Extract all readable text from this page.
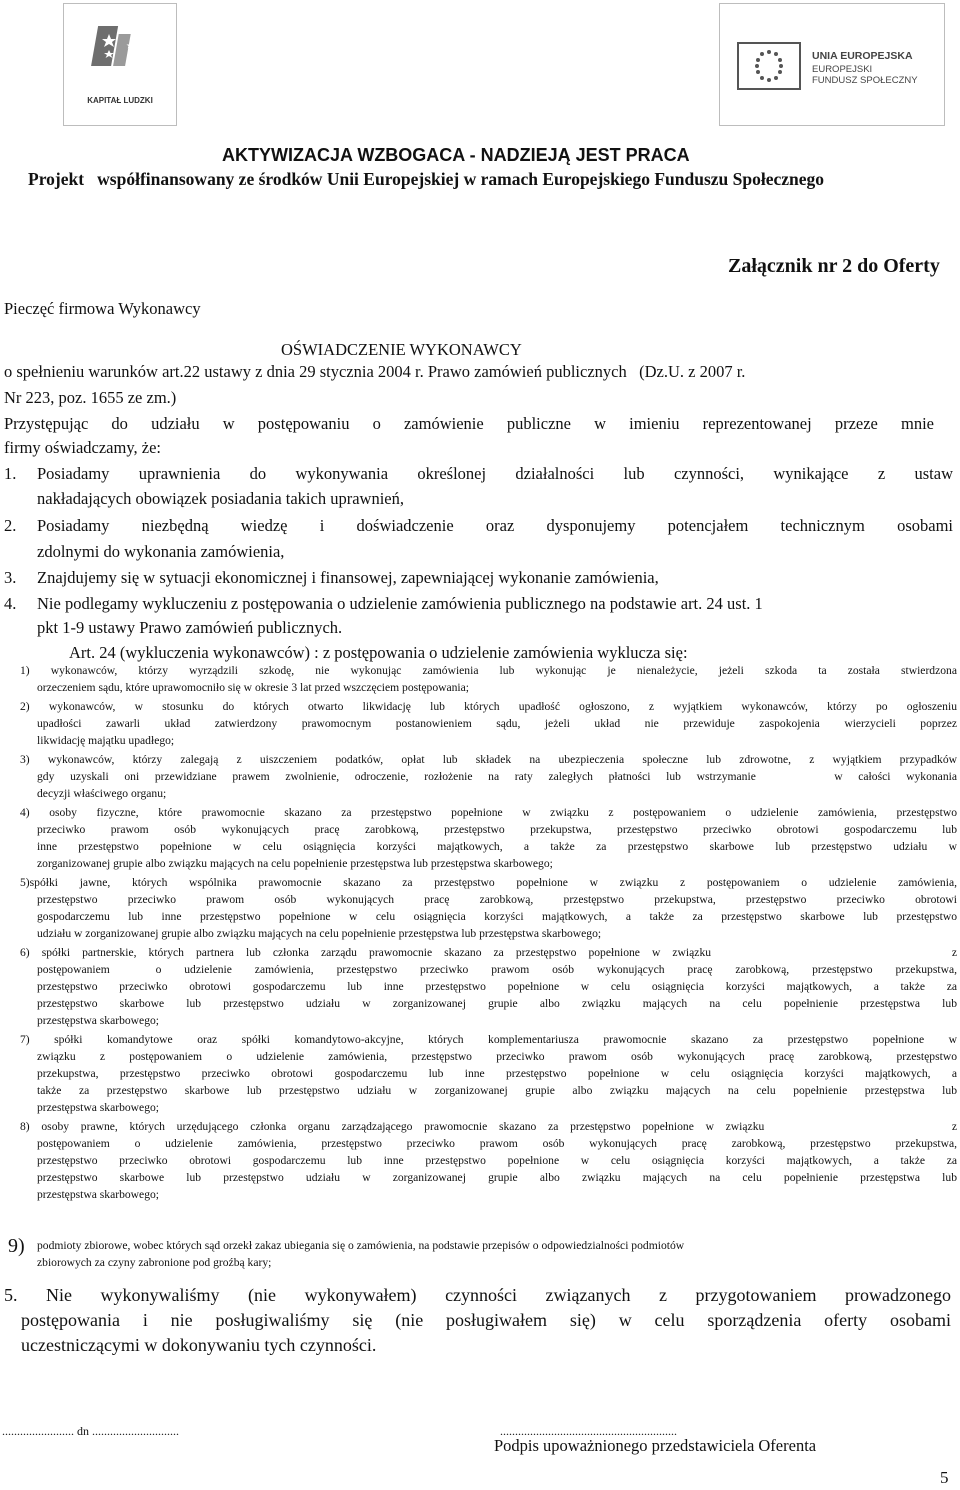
KAPITAŁ LUDZKI
UNIA EUROPEJSKA
EUROPEJSKI
FUNDUSZ SPOŁECZNY
AKTYWIZACJA WZBOGACA - NADZIEJĄ JEST PRACA
Projekt   współfinansowany ze środków Unii Europejskiej w ramach Europejskiego Funduszu Społecznego
Załącznik nr 2 do Oferty
Pieczęć firmowa Wykonawcy
OŚWIADCZENIE WYKONAWCY
o spełnieniu warunków art.22 ustawy z dnia 29 stycznia 2004 r. Prawo zamówień publicznych   (Dz.U. z 2007 r.
Nr 223, poz. 1655 ze zm.)
Przystępując do udziału w postępowaniu o zamówienie publiczne w imieniu reprezentowanej przeze mnie
firmy oświadczamy, że:
1. Posiadamy uprawnienia do wykonywania określonej działalności lub czynności, wynikające z ustaw
nakładających obowiązek posiadania takich uprawnień,
2. Posiadamy niezbędną wiedzę i doświadczenie oraz dysponujemy potencjałem technicznym osobami
zdolnymi do wykonania zamówienia,
3. Znajdujemy się w sytuacji ekonomicznej i finansowej, zapewniającej wykonanie zamówienia,
4. Nie podlegamy wykluczeniu z postępowania o udzielenie zamówienia publicznego na podstawie art. 24 ust. 1
pkt 1-9 ustawy Prawo zamówień publicznych.
Art. 24 (wykluczenia wykonawców) : z postępowania o udzielenie zamówienia wyklucza się:
1) wykonawców, którzy wyrządzili szkodę, nie wykonując zamówienia lub wykonując je nienależycie, jeżeli szkoda ta została stwierdzona
orzeczeniem sądu, które uprawomocniło się w okresie 3 lat przed wszczęciem postępowania;
2) wykonawców, w stosunku do których otwarto likwidację lub których upadłość ogłoszono, z wyjątkiem wykonawców, którzy po ogłoszeniu
upadłości zawarli układ zatwierdzony prawomocnym postanowieniem sądu, jeżeli układ nie przewiduje zaspokojenia wierzycieli poprzez
likwidację majątku upadłego;
3) wykonawców, którzy zalegają z uiszczeniem podatków, opłat lub składek na ubezpieczenia społeczne lub zdrowotne, z wyjątkiem przypadków
gdy uzyskali oni przewidziane prawem zwolnienie, odroczenie, rozłożenie na raty zaległych płatności lub wstrzymanie     w całości wykonania
decyzji właściwego organu;
4) osoby fizyczne, które prawomocnie skazano za przestępstwo popełnione w związku z postępowaniem o udzielenie zamówienia, przestępstwo
przeciwko prawom osób wykonujących pracę zarobkową, przestępstwo przekupstwa, przestępstwo przeciwko obrotowi gospodarczemu lub
inne przestępstwo popełnione w celu osiągnięcia korzyści majątkowych, a także za przestępstwo skarbowe lub przestępstwo udziału w
zorganizowanej grupie albo związku mających na celu popełnienie przestępstwa lub przestępstwa skarbowego;
5)spółki jawne, których wspólnika prawomocnie skazano za przestępstwo popełnione w związku z postępowaniem o udzielenie zamówienia,
przestępstwo przeciwko prawom osób wykonujących pracę zarobkową, przestępstwo przekupstwa, przestępstwo przeciwko obrotowi
gospodarczemu lub inne przestępstwo popełnione w celu osiągnięcia korzyści majątkowych, a także za przestępstwo skarbowe lub przestępstwo
udziału w zorganizowanej grupie albo związku mających na celu popełnienie przestępstwa lub przestępstwa skarbowego;
6) spółki partnerskie, których partnera lub członka zarządu prawomocnie skazano za przestępstwo popełnione w związku                    z
postępowaniem  o udzielenie zamówienia, przestępstwo przeciwko prawom osób wykonujących pracę zarobkową, przestępstwo przekupstwa,
przestępstwo przeciwko obrotowi gospodarczemu lub inne przestępstwo popełnione w celu osiągnięcia korzyści majątkowych, a także za
przestępstwo skarbowe lub przestępstwo udziału w zorganizowanej grupie albo związku mających na celu popełnienie przestępstwa lub
przestępstwa skarbowego;
7) spółki komandytowe oraz spółki komandytowo-akcyjne, których komplementariusza prawomocnie skazano za przestępstwo popełnione w
związku z postępowaniem o udzielenie zamówienia, przestępstwo przeciwko prawom osób wykonujących pracę zarobkową, przestępstwo
przekupstwa, przestępstwo przeciwko obrotowi gospodarczemu lub inne przestępstwo popełnione w celu osiągnięcia korzyści majątkowych, a
także za przestępstwo skarbowe lub przestępstwo udziału w zorganizowanej grupie albo związku mających na celu popełnienie przestępstwa lub
przestępstwa skarbowego;
8) osoby prawne, których urzędującego członka organu zarządzającego prawomocnie skazano za przestępstwo popełnione w związku                z
postępowaniem o udzielenie zamówienia, przestępstwo przeciwko prawom osób wykonujących pracę zarobkową, przestępstwo przekupstwa,
przestępstwo przeciwko obrotowi gospodarczemu lub inne przestępstwo popełnione w celu osiągnięcia korzyści majątkowych, a także za
przestępstwo skarbowe lub przestępstwo udziału w zorganizowanej grupie albo związku mających na celu popełnienie przestępstwa lub
przestępstwa skarbowego;
9) podmioty zbiorowe, wobec których sąd orzekł zakaz ubiegania się o zamówienia, na podstawie przepisów o odpowiedzialności podmiotów
zbiorowych za czyny zabronione pod groźbą kary;
5. Nie wykonywaliśmy (nie wykonywałem) czynności związanych z przygotowaniem prowadzonego
postępowania i nie posługiwaliśmy się (nie posługiwałem się) w celu sporządzenia oferty osobami
uczestniczącymi w dokonywaniu tych czynności.
........................ dn .............................	...........................................................
Podpis upoważnionego przedstawiciela Oferenta
5
